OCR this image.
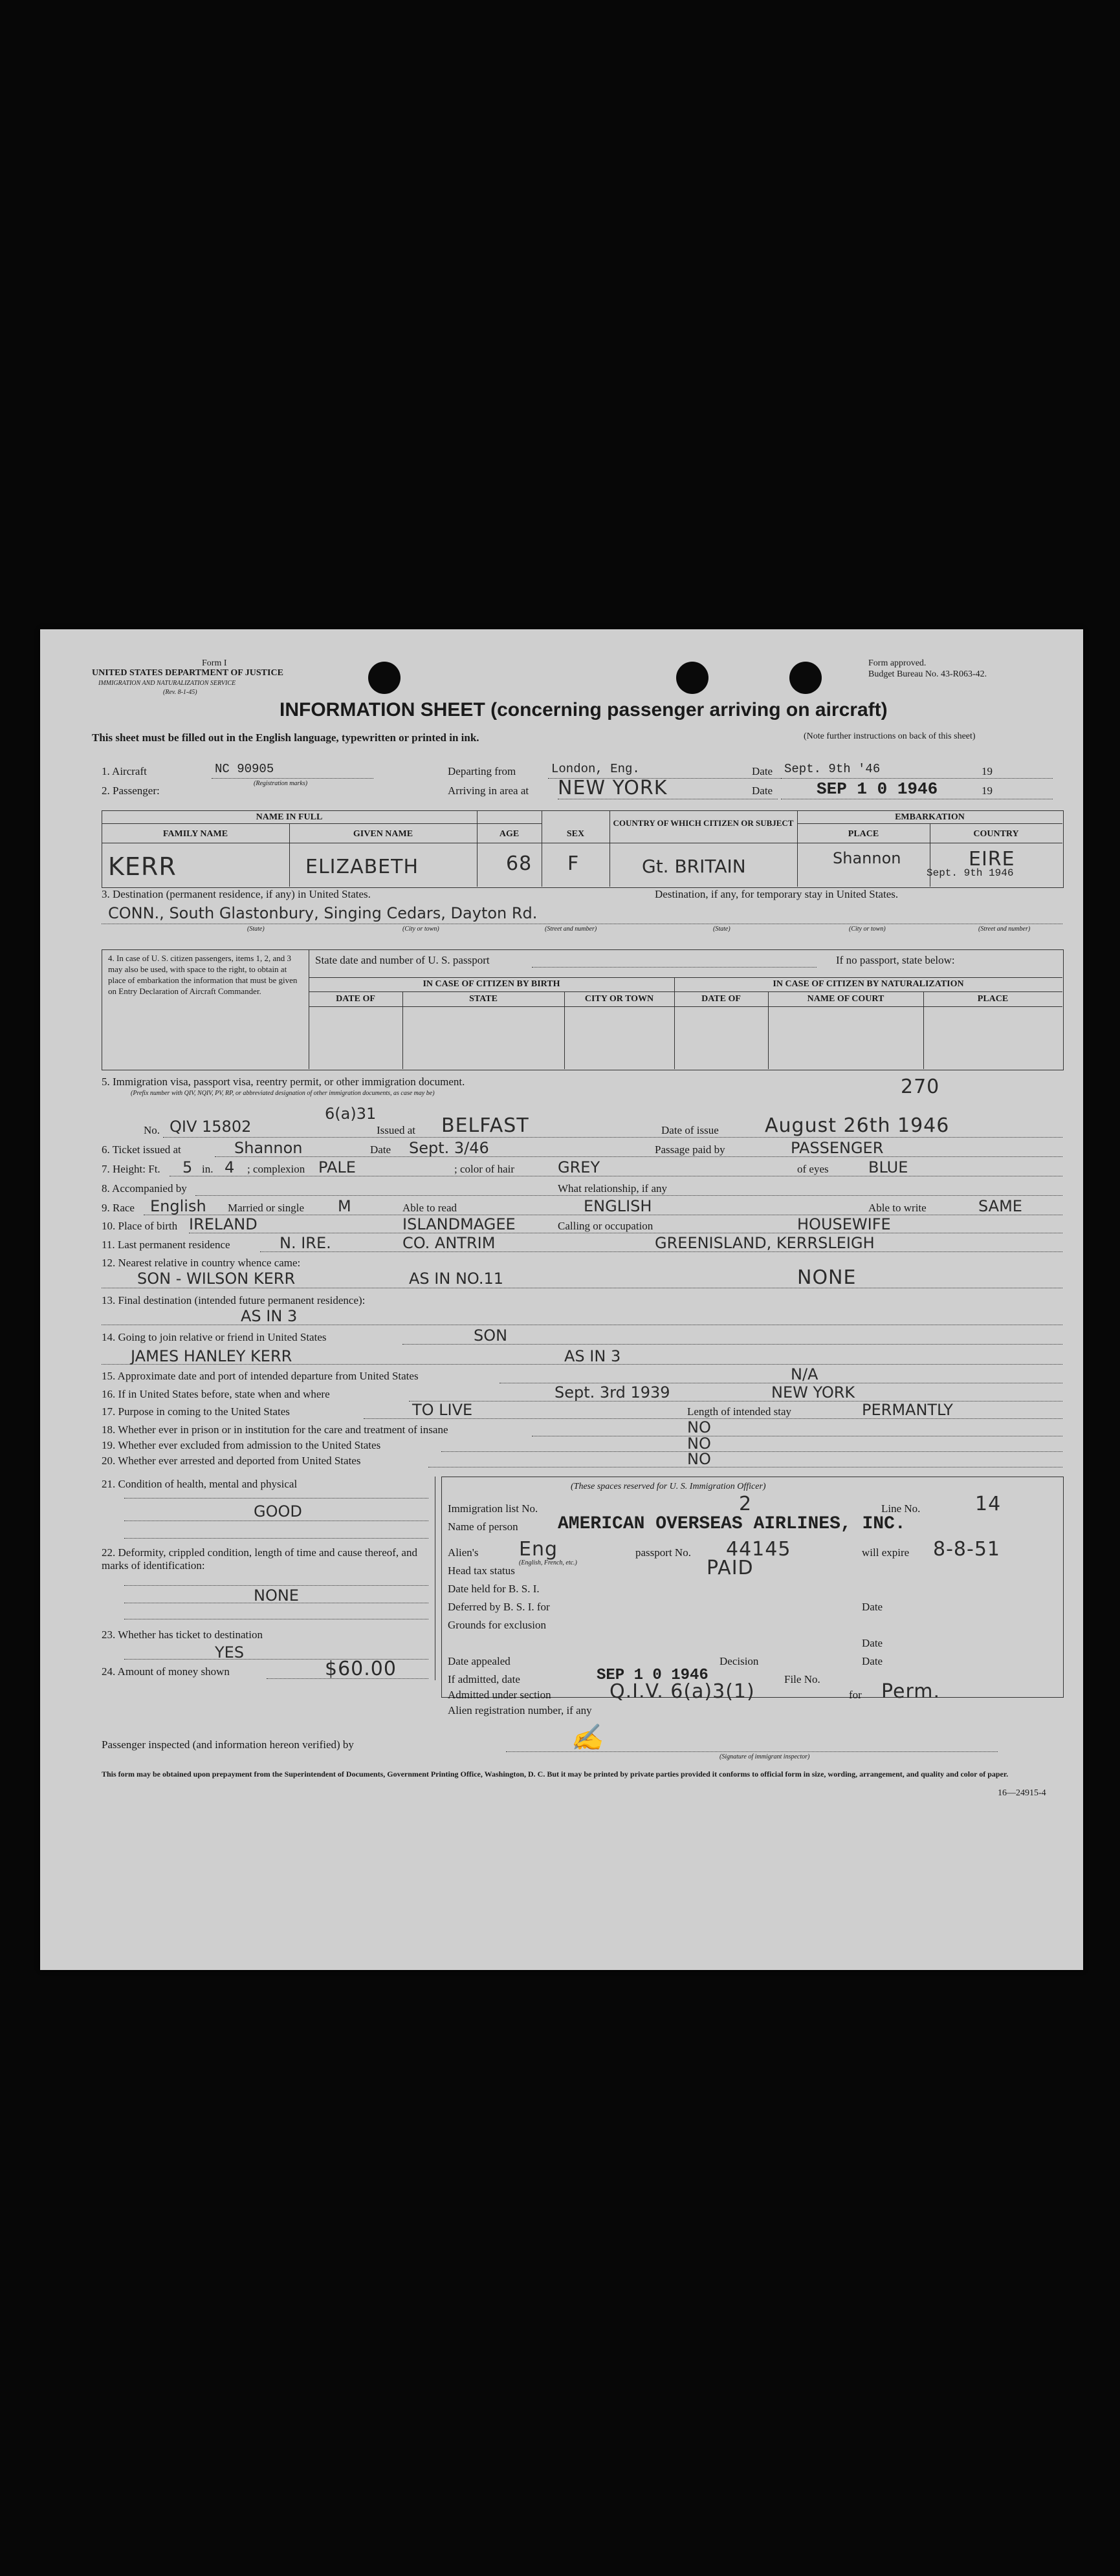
Form I
UNITED STATES DEPARTMENT OF JUSTICE
IMMIGRATION AND NATURALIZATION SERVICE
(Rev. 8-1-45)
Form approved.
Budget Bureau No. 43-R063-42.
INFORMATION SHEET (concerning passenger arriving on aircraft)
This sheet must be filled out in the English language, typewritten or printed in ink.	(Note further instructions on back of this sheet)
1. Aircraft	NC 90905
(Registration marks)
Departing from	London, Eng.	Date Sept. 9th '46	19
2. Passenger:	Arriving in area at NEW YORK	Date	SEP 1 0 1946	19
NAME IN FULL
FAMILY NAME	GIVEN NAME	AGE	SEX
COUNTRY OF WHICH CITIZEN OR SUBJECT
EMBARKATION
PLACE	COUNTRY
KERR	ELIZABETH	68 F	Gt. BRITAIN	Shannon	EIRE
Sept. 9th 1946
3. Destination (permanent residence, if any) in United States.	Destination, if any, for temporary stay in United States.
CONN., South Glastonbury, Singing Cedars, Dayton Rd.
(State)	(City or town)	(Street and number)	(State)	(City or town)	(Street and number)
4. In case of U. S. citizen passengers, items 1, 2, and 3 may also be used, with space to the right, to obtain at place of embarkation the information that must be given on Entry Declaration of Aircraft Commander.
State date and number of U. S. passport	If no passport, state below:
IN CASE OF CITIZEN BY BIRTH	IN CASE OF CITIZEN BY NATURALIZATION
DATE OF	STATE	CITY OR TOWN	DATE OF	NAME OF COURT	PLACE
5. Immigration visa, passport visa, reentry permit, or other immigration document.
(Prefix number with QIV, NQIV, PV, RP, or abbreviated designation of other immigration documents, as case may be)	270
6(a)31
No. QIV 15802	Issued at BELFAST	Date of issue August 26th 1946
6. Ticket issued at	Shannon	Date Sept. 3/46	Passage paid by	PASSENGER
7. Height: Ft. 5 in. 4 ; complexion PALE	; color of hair	GREY	of eyes	BLUE
8. Accompanied by	What relationship, if any
9. Race English Married or single M	Able to read	ENGLISH	Able to write	SAME
10. Place of birth IRELAND	ISLANDMAGEE	Calling or occupation	HOUSEWIFE
11. Last permanent residence	N. IRE.	CO. ANTRIM	GREENISLAND, KERRSLEIGH
12. Nearest relative in country whence came:
SON - WILSON KERR	AS IN NO.11	NONE
13. Final destination (intended future permanent residence):
AS IN 3
14. Going to join relative or friend in United States	SON
JAMES HANLEY KERR	AS IN 3
15. Approximate date and port of intended departure from United States	N/A
16. If in United States before, state when and where	Sept. 3rd 1939	NEW YORK
17. Purpose in coming to the United States	TO LIVE	Length of intended stay	PERMANTLY
18. Whether ever in prison or in institution for the care and treatment of insane	NO
19. Whether ever excluded from admission to the United States	NO
20. Whether ever arrested and deported from United States	NO
21. Condition of health, mental and physical
GOOD
22. Deformity, crippled condition, length of time and cause thereof, and marks of identification:
NONE
23. Whether has ticket to destination
YES
24. Amount of money shown	$60.00
(These spaces reserved for U. S. Immigration Officer)
Immigration list No.	2	Line No.	14
Name of person AMERICAN OVERSEAS AIRLINES, INC.
Alien's Eng
(English, French, etc.)
passport No. 44145	will expire 8-8-51
Head tax status	PAID
Date held for B. S. I.
Deferred by B. S. I. for	Date
Grounds for exclusion
Date
Date appealed	Decision	Date
If admitted, date	SEP 1 0 1946	File No.
Admitted under section	Q.I.V. 6(a)3(1)	for Perm.
Alien registration number, if any
Passenger inspected (and information hereon verified) by	✍
(Signature of immigrant inspector)
This form may be obtained upon prepayment from the Superintendent of Documents, Government Printing Office, Washington, D. C. But it may be printed by private parties provided it conforms to official form in size, wording, arrangement, and quality and color of paper.
16—24915-4
